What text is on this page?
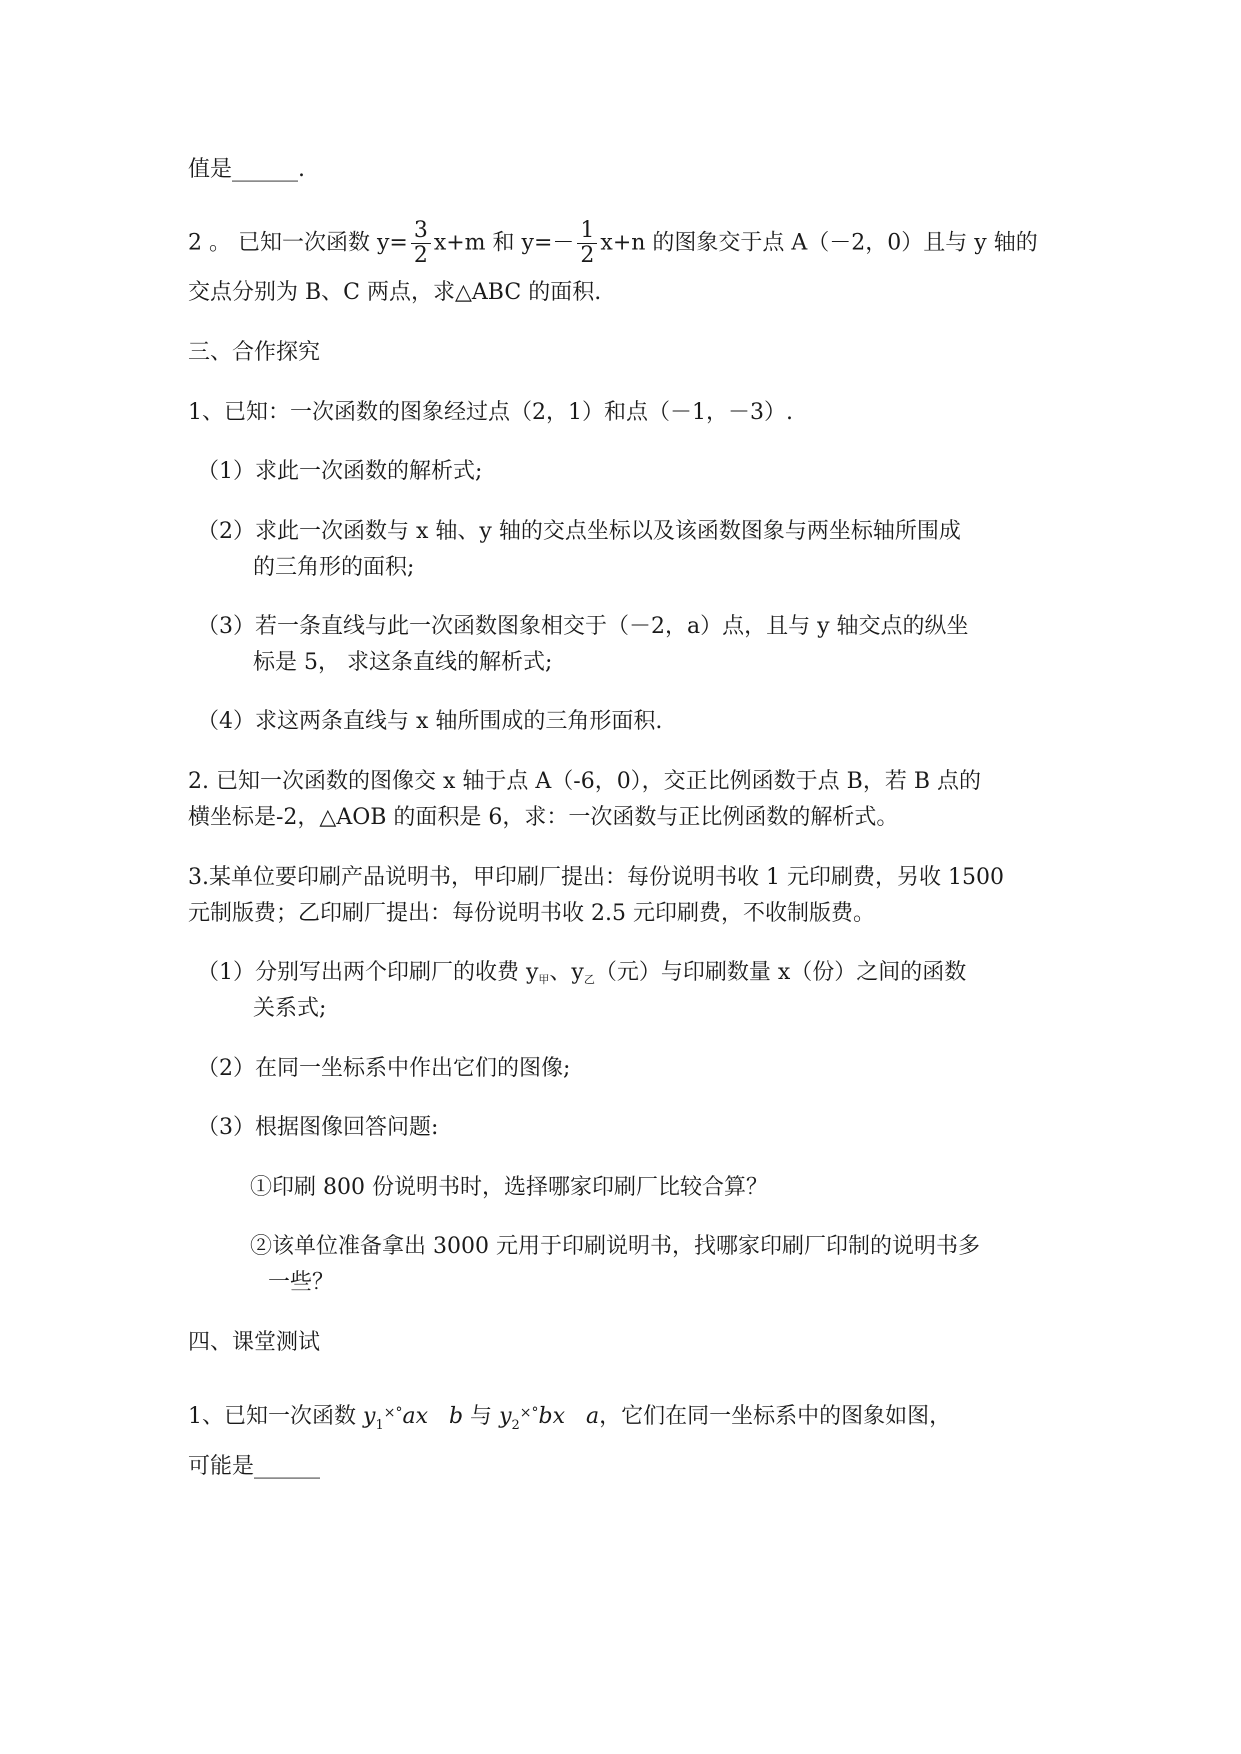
值是______.
2 。 已知一次函数 $y= \frac{3}{2} x+m$ 和 $y=- \frac{1}{2} x+n$ 的图象交于点 A（－2，0）且与 y 轴的
交点分别为 B、C 两点，求△ABC 的面积.
三、合作探究
1、已知：一次函数的图象经过点（2，1）和点（－1，－3）.
（1）求此一次函数的解析式;
（2）求此一次函数与 x 轴、y 轴的交点坐标以及该函数图象与两坐标轴所围成
的三角形的面积;
（3）若一条直线与此一次函数图象相交于（－2，a）点，且与 y 轴交点的纵坐
标是 5， 求这条直线的解析式;
（4）求这两条直线与 x 轴所围成的三角形面积.
2. 已知一次函数的图像交 x 轴于点 A（-6，0），交正比例函数于点 B，若 B 点的
横坐标是-2，△AOB 的面积是 6，求：一次函数与正比例函数的解析式。
3.某单位要印刷产品说明书，甲印刷厂提出：每份说明书收 1 元印刷费，另收 1500
元制版费；乙印刷厂提出：每份说明书收 2.5 元印刷费，不收制版费。
（1）分别写出两个印刷厂的收费 y甲、y乙（元）与印刷数量 x（份）之间的函数
关系式;
（2）在同一坐标系中作出它们的图像;
（3）根据图像回答问题:
①印刷 800 份说明书时，选择哪家印刷厂比较合算？
②该单位准备拿出 3000 元用于印刷说明书，找哪家印刷厂印制的说明书多
一些？
四、课堂测试
1、已知一次函数 $y_1^{\times^\circ}ax$ b 与 $y_2^{\times^\circ}bx$ a，它们在同一坐标系中的图象如图，
可能是______
